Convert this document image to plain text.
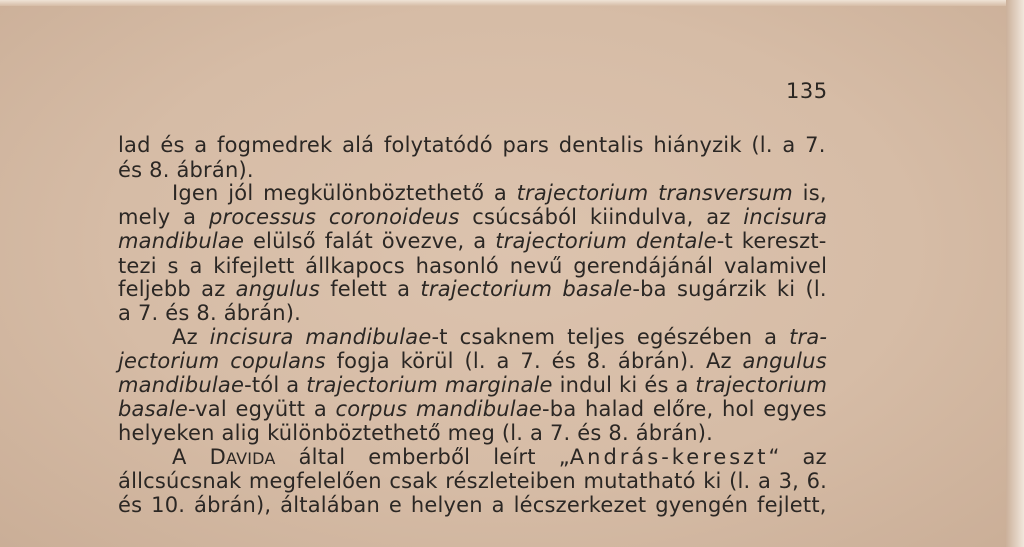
135
lad és a fogmedrek alá folytatódó pars dentalis hiányzik (l. a 7.
és 8. ábrán).
Igen jól megkülönböztethető a trajectorium transversum is,
mely a processus coronoideus csúcsából kiindulva, az incisura
mandibulae elülső falát övezve, a trajectorium dentale-t kereszt-
tezi s a kifejlett állkapocs hasonló nevű gerendájánál valamivel
feljebb az angulus felett a trajectorium basale-ba sugárzik ki (l.
a 7. és 8. ábrán).
Az incisura mandibulae-t csaknem teljes egészében a tra-
jectorium copulans fogja körül (l. a 7. és 8. ábrán). Az angulus
mandibulae-tól a trajectorium marginale indul ki és a trajectorium
basale-val együtt a corpus mandibulae-ba halad előre, hol egyes
helyeken alig különböztethető meg (l. a 7. és 8. ábrán).
A DAVIDA által emberből leírt „András-kereszt“ az
állcsúcsnak megfelelően csak részleteiben mutatható ki (l. a 3, 6.
és 10. ábrán), általában e helyen a lécszerkezet gyengén fejlett,
